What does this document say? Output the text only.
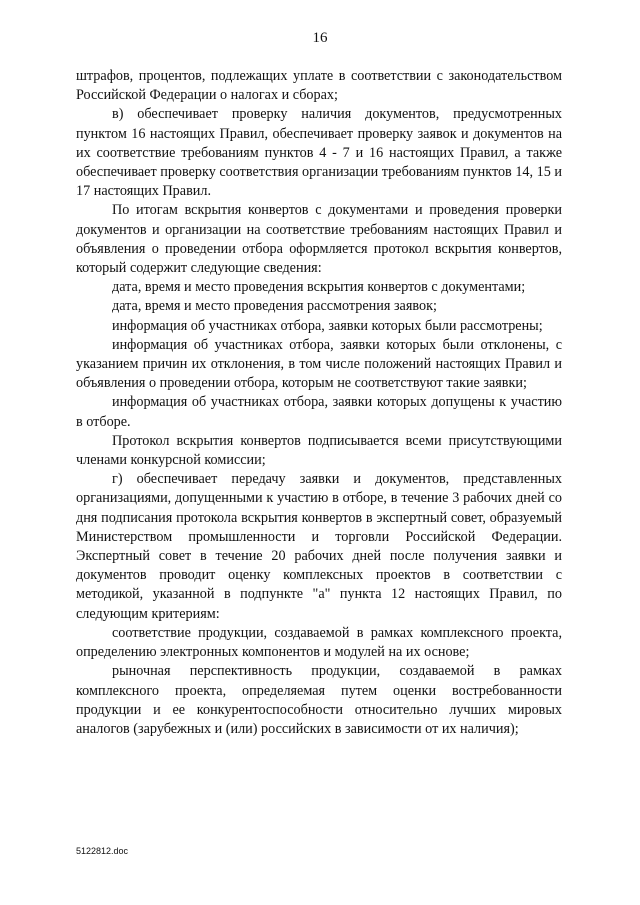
16

штрафов, процентов, подлежащих уплате в соответствии с законодательством Российской Федерации о налогах и сборах;

в) обеспечивает проверку наличия документов, предусмотренных пунктом 16 настоящих Правил, обеспечивает проверку заявок и документов на их соответствие требованиям пунктов 4 - 7 и 16 настоящих Правил, а также обеспечивает проверку соответствия организации требованиям пунктов 14, 15 и 17 настоящих Правил.

По итогам вскрытия конвертов с документами и проведения проверки документов и организации на соответствие требованиям настоящих Правил и объявления о проведении отбора оформляется протокол вскрытия конвертов, который содержит следующие сведения:

дата, время и место проведения вскрытия конвертов с документами;

дата, время и место проведения рассмотрения заявок;

информация об участниках отбора, заявки которых были рассмотрены;

информация об участниках отбора, заявки которых были отклонены, с указанием причин их отклонения, в том числе положений настоящих Правил и объявления о проведении отбора, которым не соответствуют такие заявки;

информация об участниках отбора, заявки которых допущены к участию в отборе.

Протокол вскрытия конвертов подписывается всеми присутствующими членами конкурсной комиссии;

г) обеспечивает передачу заявки и документов, представленных организациями, допущенными к участию в отборе, в течение 3 рабочих дней со дня подписания протокола вскрытия конвертов в экспертный совет, образуемый Министерством промышленности и торговли Российской Федерации. Экспертный совет в течение 20 рабочих дней после получения заявки и документов проводит оценку комплексных проектов в соответствии с методикой, указанной в подпункте "а" пункта 12 настоящих Правил, по следующим критериям:

соответствие продукции, создаваемой в рамках комплексного проекта, определению электронных компонентов и модулей на их основе;

рыночная перспективность продукции, создаваемой в рамках комплексного проекта, определяемая путем оценки востребованности продукции и ее конкурентоспособности относительно лучших мировых аналогов (зарубежных и (или) российских в зависимости от их наличия);

5122812.doc
